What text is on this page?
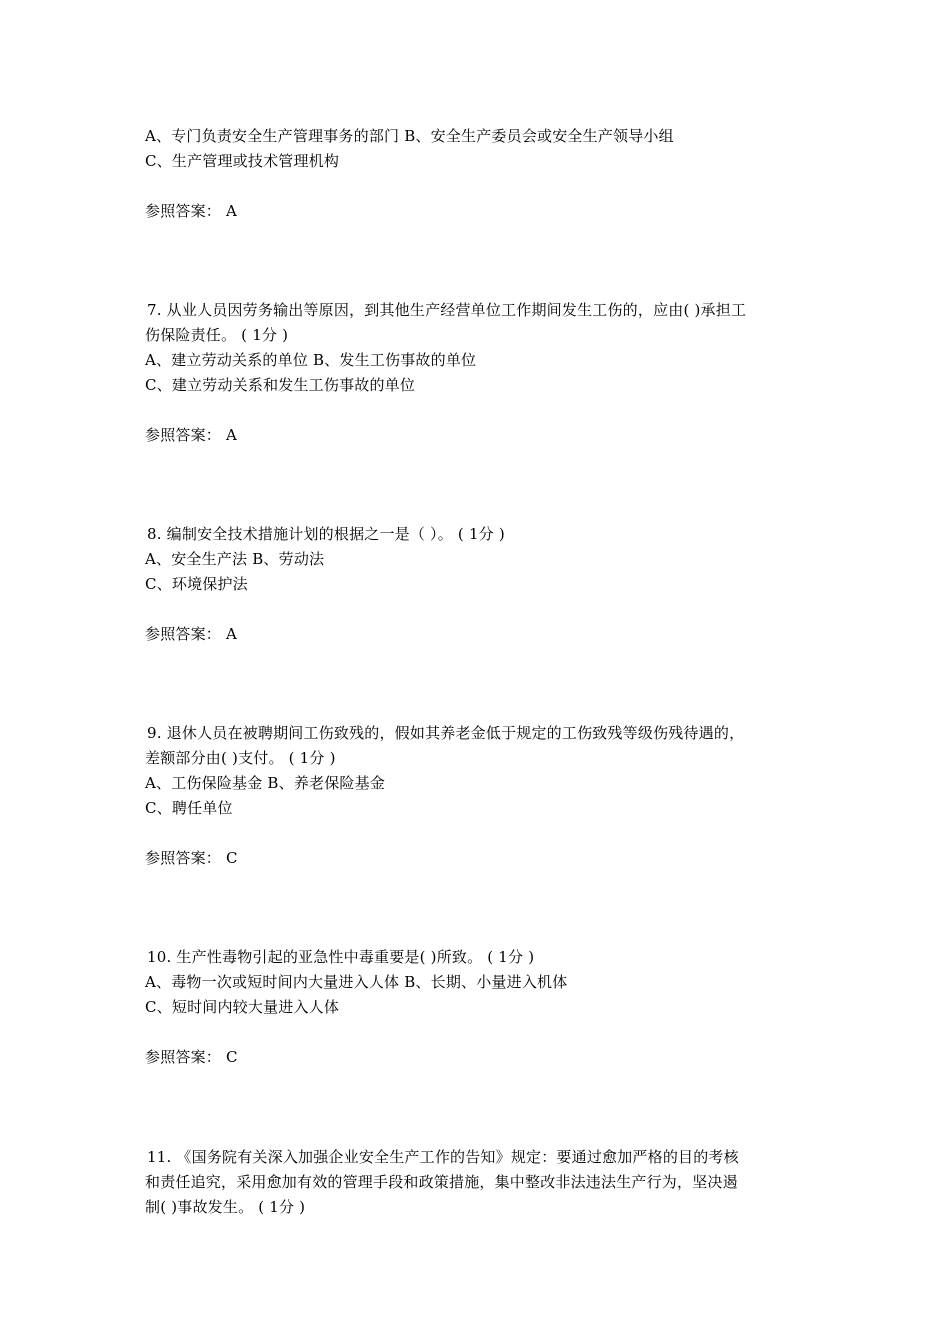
A、专门负责安全生产管理事务的部门 B、安全生产委员会或安全生产领导小组
C、生产管理或技术管理机构
参照答案： A
7. 从业人员因劳务输出等原因，到其他生产经营单位工作期间发生工伤的，应由( )承担工
伤保险责任。 ( 1分 )
A、建立劳动关系的单位 B、发生工伤事故的单位
C、建立劳动关系和发生工伤事故的单位
参照答案： A
8. 编制安全技术措施计划的根据之一是（ ）。 ( 1分 )
A、安全生产法 B、劳动法
C、环境保护法
参照答案： A
9. 退休人员在被聘期间工伤致残的，假如其养老金低于规定的工伤致残等级伤残待遇的，
差额部分由( )支付。 ( 1分 )
A、工伤保险基金 B、养老保险基金
C、聘任单位
参照答案： C
10. 生产性毒物引起的亚急性中毒重要是( )所致。 ( 1分 )
A、毒物一次或短时间内大量进入人体 B、长期、小量进入机体
C、短时间内较大量进入人体
参照答案： C
11. 《国务院有关深入加强企业安全生产工作的告知》规定：要通过愈加严格的目的考核
和责任追究，采用愈加有效的管理手段和政策措施，集中整改非法违法生产行为，坚决遏
制( )事故发生。 ( 1分 )
